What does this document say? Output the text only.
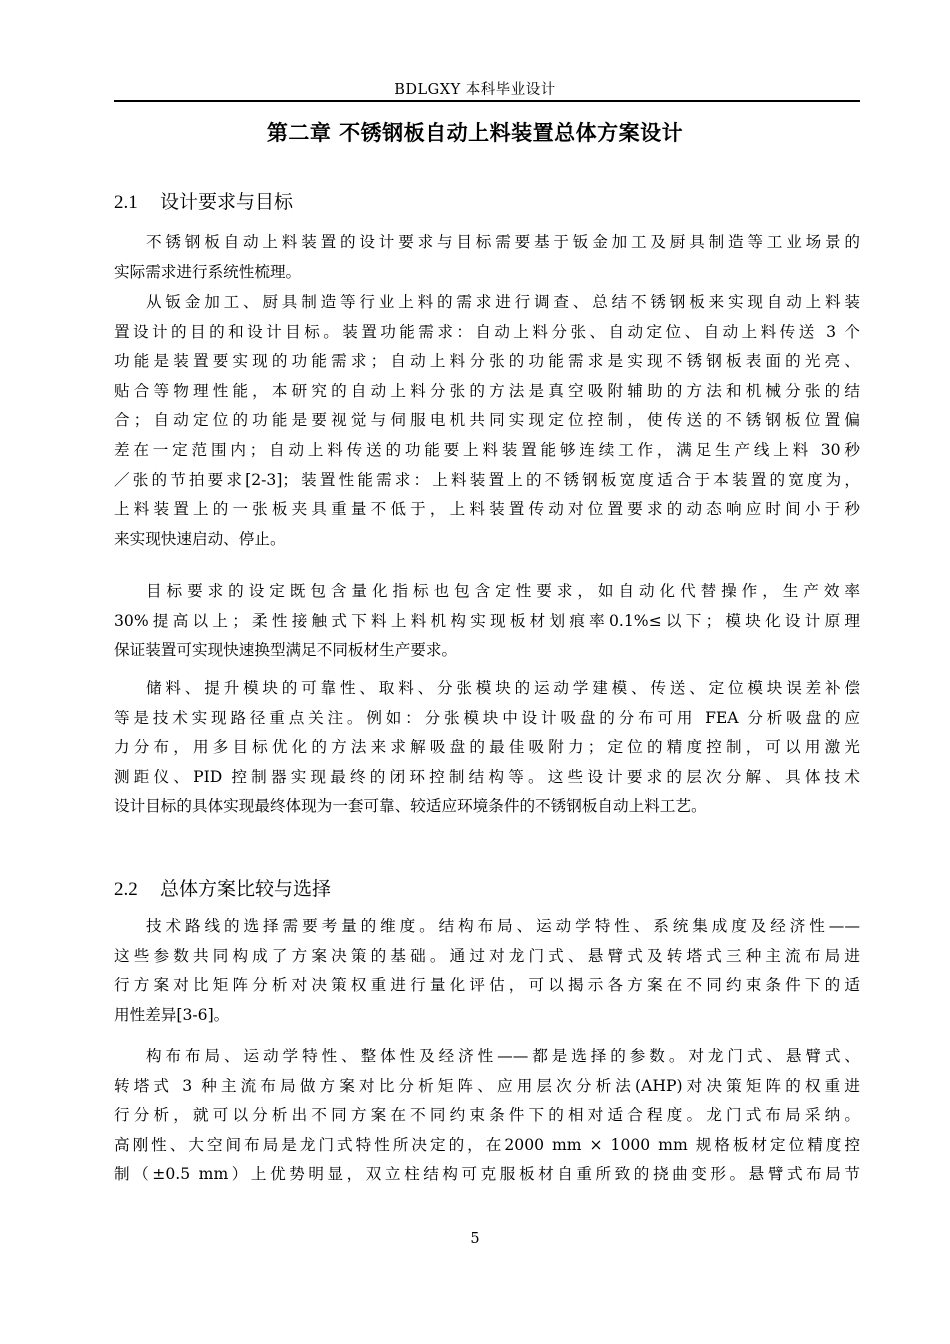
BDLGXY 本科毕业设计
第二章 不锈钢板自动上料装置总体方案设计
2.1 设计要求与目标
不锈钢板自动上料装置的设计要求与目标需要基于钣金加工及厨具制造等工业场景的
实际需求进行系统性梳理。
从钣金加工、厨具制造等行业上料的需求进行调查、总结不锈钢板来实现自动上料装
置设计的目的和设计目标。装置功能需求：自动上料分张、自动定位、自动上料传送 3 个
功能是装置要实现的功能需求；自动上料分张的功能需求是实现不锈钢板表面的光亮、
贴合等物理性能，本研究的自动上料分张的方法是真空吸附辅助的方法和机械分张的结
合；自动定位的功能是要视觉与伺服电机共同实现定位控制，使传送的不锈钢板位置偏
差在一定范围内；自动上料传送的功能要上料装置能够连续工作，满足生产线上料 30秒
／张的节拍要求[2-3]；装置性能需求：上料装置上的不锈钢板宽度适合于本装置的宽度为，
上料装置上的一张板夹具重量不低于，上料装置传动对位置要求的动态响应时间小于秒
来实现快速启动、停止。
目标要求的设定既包含量化指标也包含定性要求，如自动化代替操作，生产效率
30%提高以上；柔性接触式下料上料机构实现板材划痕率0.1%≤以下；模块化设计原理
保证装置可实现快速换型满足不同板材生产要求。
储料、提升模块的可靠性、取料、分张模块的运动学建模、传送、定位模块误差补偿
等是技术实现路径重点关注。例如：分张模块中设计吸盘的分布可用 FEA 分析吸盘的应
力分布，用多目标优化的方法来求解吸盘的最佳吸附力；定位的精度控制，可以用激光
测距仪、PID 控制器实现最终的闭环控制结构等。这些设计要求的层次分解、具体技术
设计目标的具体实现最终体现为一套可靠、较适应环境条件的不锈钢板自动上料工艺。
2.2 总体方案比较与选择
技术路线的选择需要考量的维度。结构布局、运动学特性、系统集成度及经济性——
这些参数共同构成了方案决策的基础。通过对龙门式、悬臂式及转塔式三种主流布局进
行方案对比矩阵分析对决策权重进行量化评估，可以揭示各方案在不同约束条件下的适
用性差异[3-6]。
构布布局、运动学特性、整体性及经济性——都是选择的参数。对龙门式、悬臂式、
转塔式 3 种主流布局做方案对比分析矩阵、应用层次分析法(AHP)对决策矩阵的权重进
行分析，就可以分析出不同方案在不同约束条件下的相对适合程度。龙门式布局采纳。
高刚性、大空间布局是龙门式特性所决定的，在2000 mm × 1000 mm 规格板材定位精度控
制（±0.5 mm）上优势明显，双立柱结构可克服板材自重所致的挠曲变形。悬臂式布局节
5
